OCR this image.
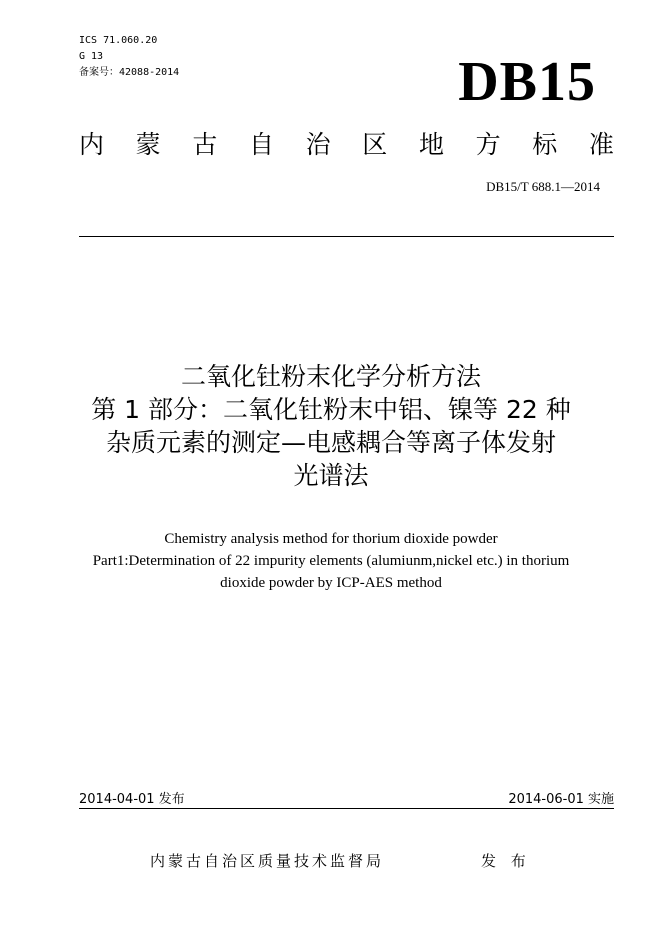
ICS 71.060.20
G 13
备案号：42088-2014	DB15
内 蒙 古 自 治 区 地 方 标 准
DB15/T 688.1—2014
二氧化钍粉末化学分析方法
第 1 部分：二氧化钍粉末中铝、镍等 22 种
杂质元素的测定—电感耦合等离子体发射
光谱法
Chemistry analysis method for thorium dioxide powder
Part1:Determination of 22 impurity elements (alumiunm,nickel etc.) in thorium
dioxide powder by ICP-AES method
2014-04-01 发布	2014-06-01 实施
内蒙古自治区质量技术监督局	发 布
